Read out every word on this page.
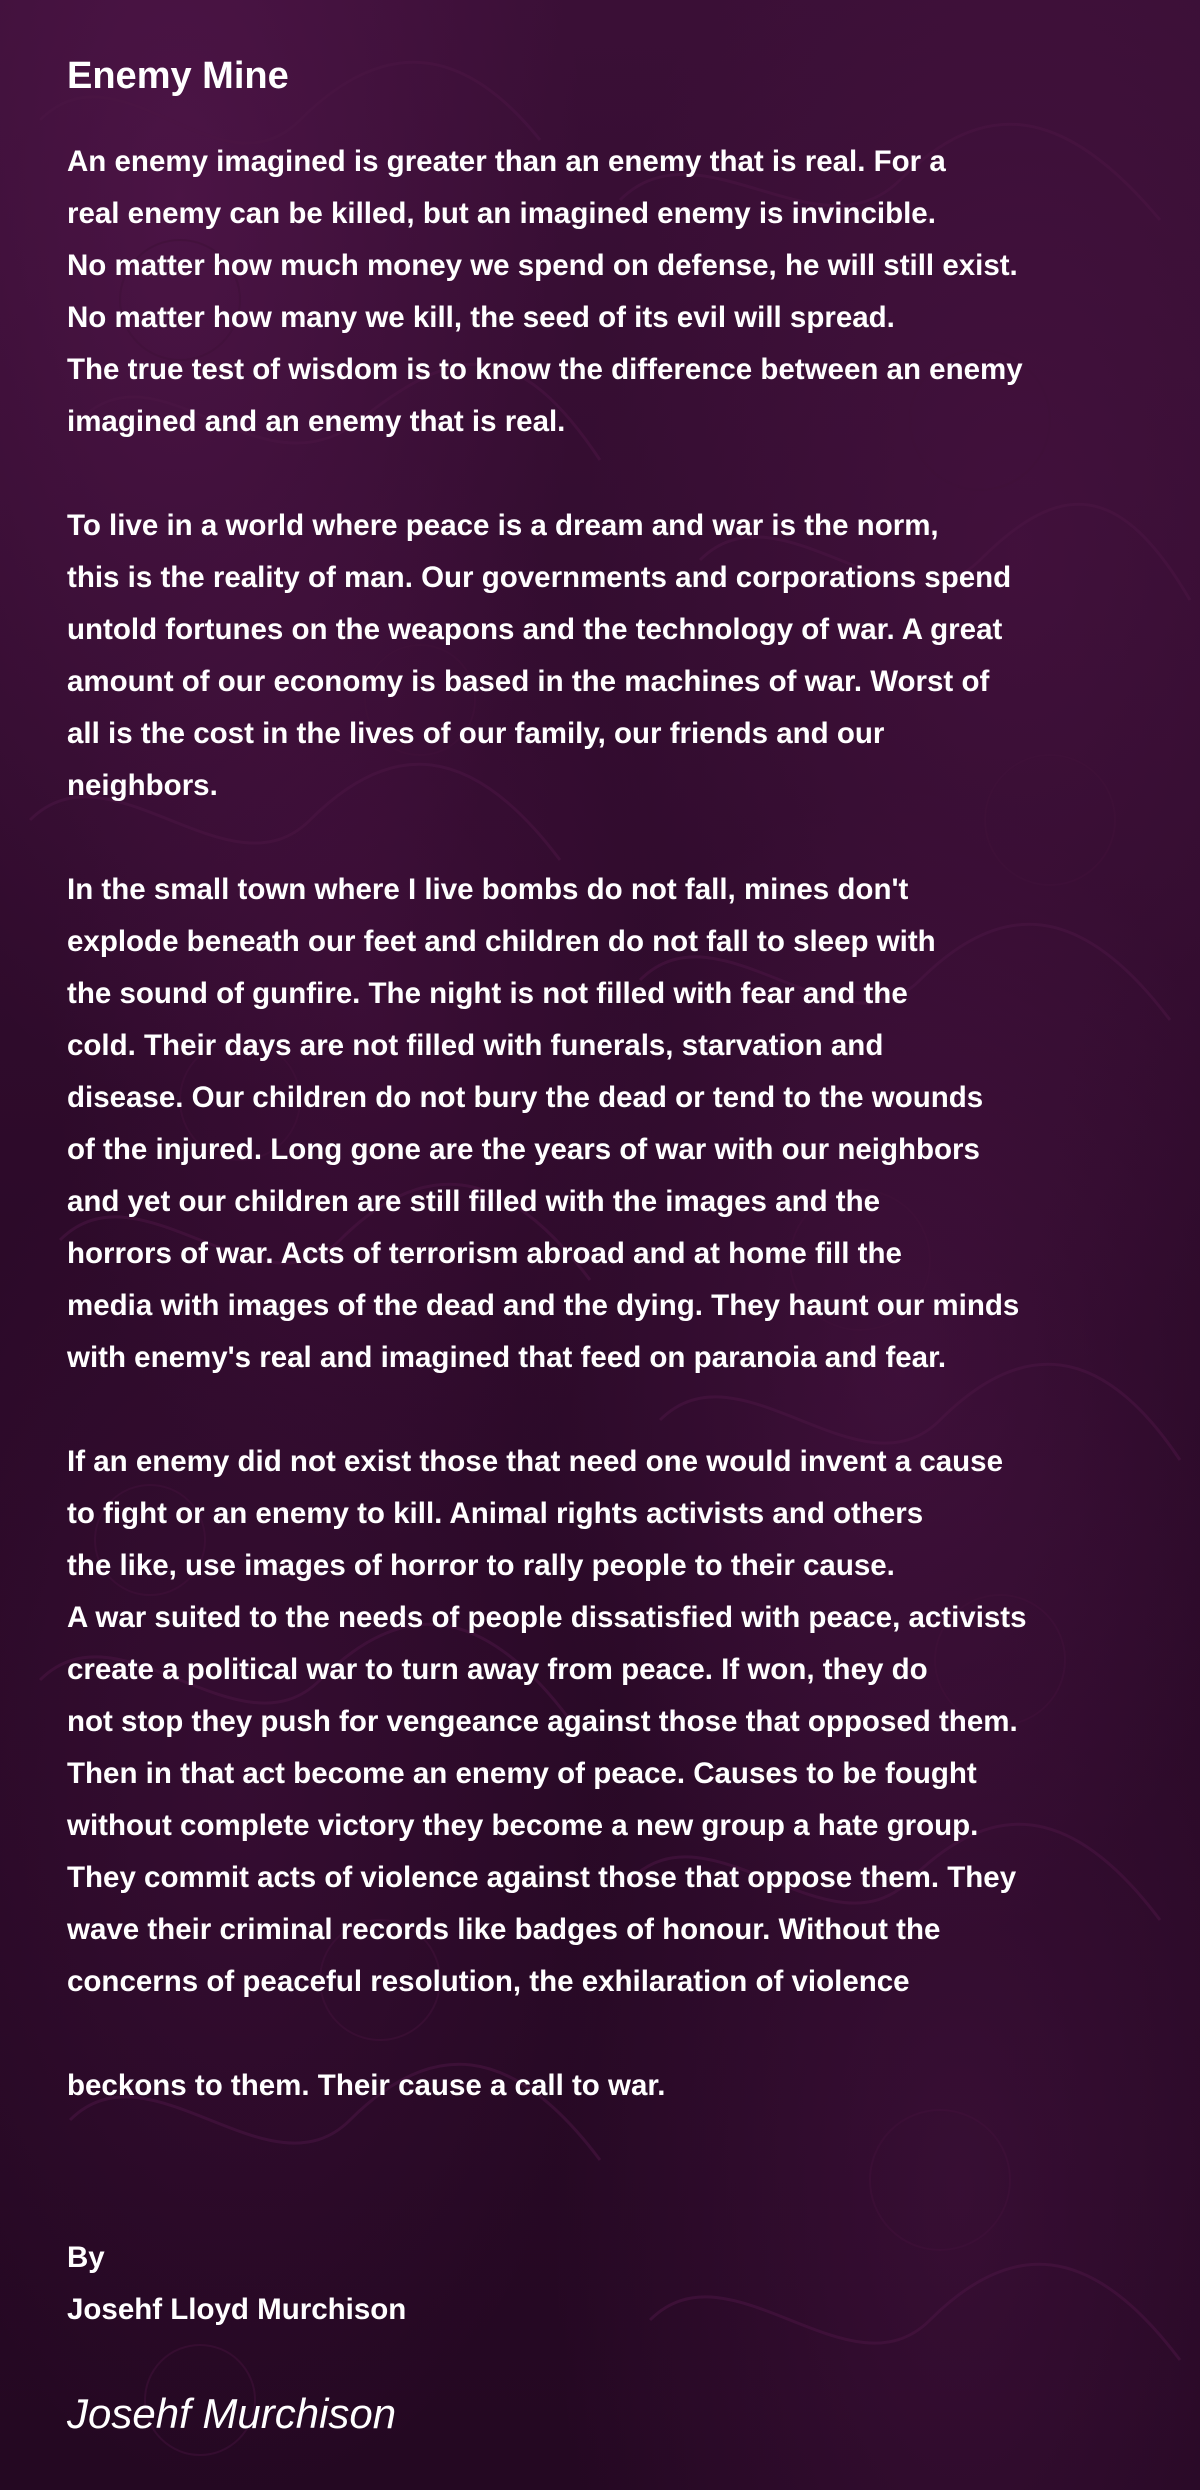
Enemy Mine
An enemy imagined is greater than an enemy that is real. For a
real enemy can be killed, but an imagined enemy is invincible.
No matter how much money we spend on defense, he will still exist.
No matter how many we kill, the seed of its evil will spread.
The true test of wisdom is to know the difference between an enemy
imagined and an enemy that is real.
To live in a world where peace is a dream and war is the norm,
this is the reality of man. Our governments and corporations spend
untold fortunes on the weapons and the technology of war. A great
amount of our economy is based in the machines of war. Worst of
all is the cost in the lives of our family, our friends and our
neighbors.
In the small town where I live bombs do not fall, mines don't
explode beneath our feet and children do not fall to sleep with
the sound of gunfire. The night is not filled with fear and the
cold. Their days are not filled with funerals, starvation and
disease. Our children do not bury the dead or tend to the wounds
of the injured. Long gone are the years of war with our neighbors
and yet our children are still filled with the images and the
horrors of war. Acts of terrorism abroad and at home fill the
media with images of the dead and the dying. They haunt our minds
with enemy's real and imagined that feed on paranoia and fear.
If an enemy did not exist those that need one would invent a cause
to fight or an enemy to kill. Animal rights activists and others
the like, use images of horror to rally people to their cause.
A war suited to the needs of people dissatisfied with peace, activists
create a political war to turn away from peace. If won, they do
not stop they push for vengeance against those that opposed them.
Then in that act become an enemy of peace. Causes to be fought
without complete victory they become a new group a hate group.
They commit acts of violence against those that oppose them. They
wave their criminal records like badges of honour. Without the
concerns of peaceful resolution, the exhilaration of violence
beckons to them. Their cause a call to war.
By
Josehf Lloyd Murchison
Josehf Murchison
